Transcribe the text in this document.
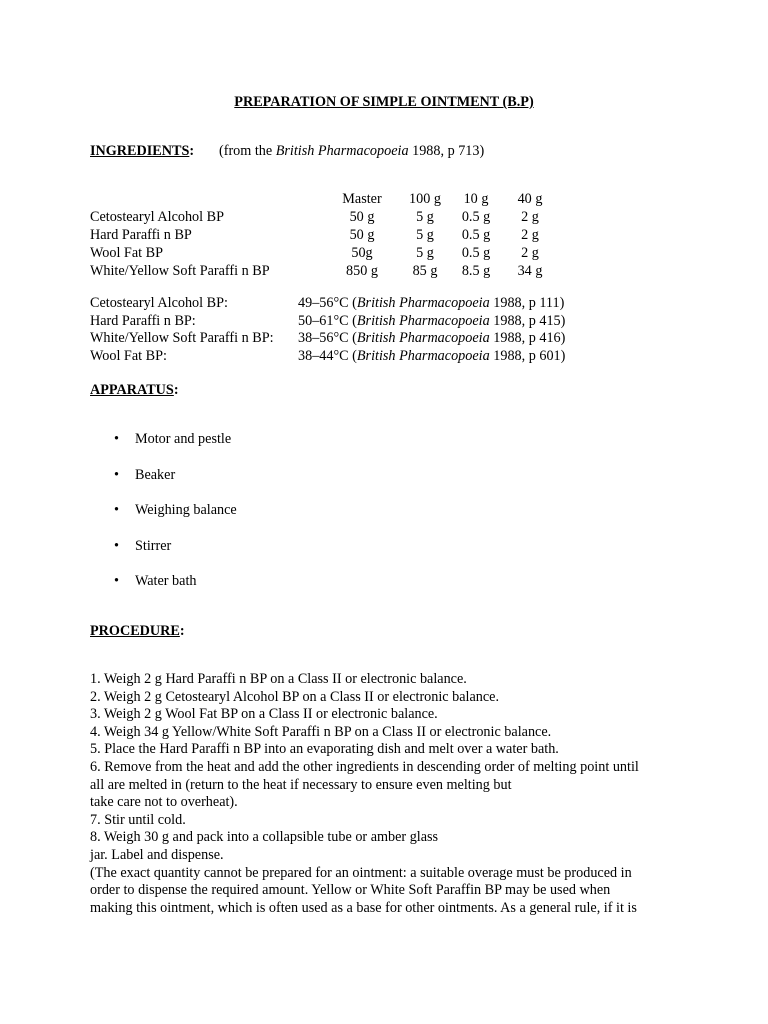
PREPARATION OF SIMPLE OINTMENT (B.P)
INGREDIENTS: (from the British Pharmacopoeia 1988, p 713)
	Master	100 g	10 g	40 g
Cetostearyl Alcohol BP	50 g	5 g	0.5 g	2 g
Hard Paraffi n BP	50 g	5 g	0.5 g	2 g
Wool Fat BP	50g	5 g	0.5 g	2 g
White/Yellow Soft Paraffi n BP	850 g	85 g	8.5 g	34 g
Cetostearyl Alcohol BP:	49–56°C (British Pharmacopoeia 1988, p 111)
Hard Paraffi n BP:	50–61°C (British Pharmacopoeia 1988, p 415)
White/Yellow Soft Paraffi n BP:	38–56°C (British Pharmacopoeia 1988, p 416)
Wool Fat BP:	38–44°C (British Pharmacopoeia 1988, p 601)
APPARATUS:
• Motor and pestle
• Beaker
• Weighing balance
• Stirrer
• Water bath
PROCEDURE:
1. Weigh 2 g Hard Paraffi n BP on a Class II or electronic balance.
2. Weigh 2 g Cetostearyl Alcohol BP on a Class II or electronic balance.
3. Weigh 2 g Wool Fat BP on a Class II or electronic balance.
4. Weigh 34 g Yellow/White Soft Paraffi n BP on a Class II or electronic balance.
5. Place the Hard Paraffi n BP into an evaporating dish and melt over a water bath.
6. Remove from the heat and add the other ingredients in descending order of melting point until
all are melted in (return to the heat if necessary to ensure even melting but
take care not to overheat).
7. Stir until cold.
8. Weigh 30 g and pack into a collapsible tube or amber glass
jar. Label and dispense.
(The exact quantity cannot be prepared for an ointment: a suitable overage must be produced in
order to dispense the required amount. Yellow or White Soft Paraffin BP may be used when
making this ointment, which is often used as a base for other ointments. As a general rule, if it is
